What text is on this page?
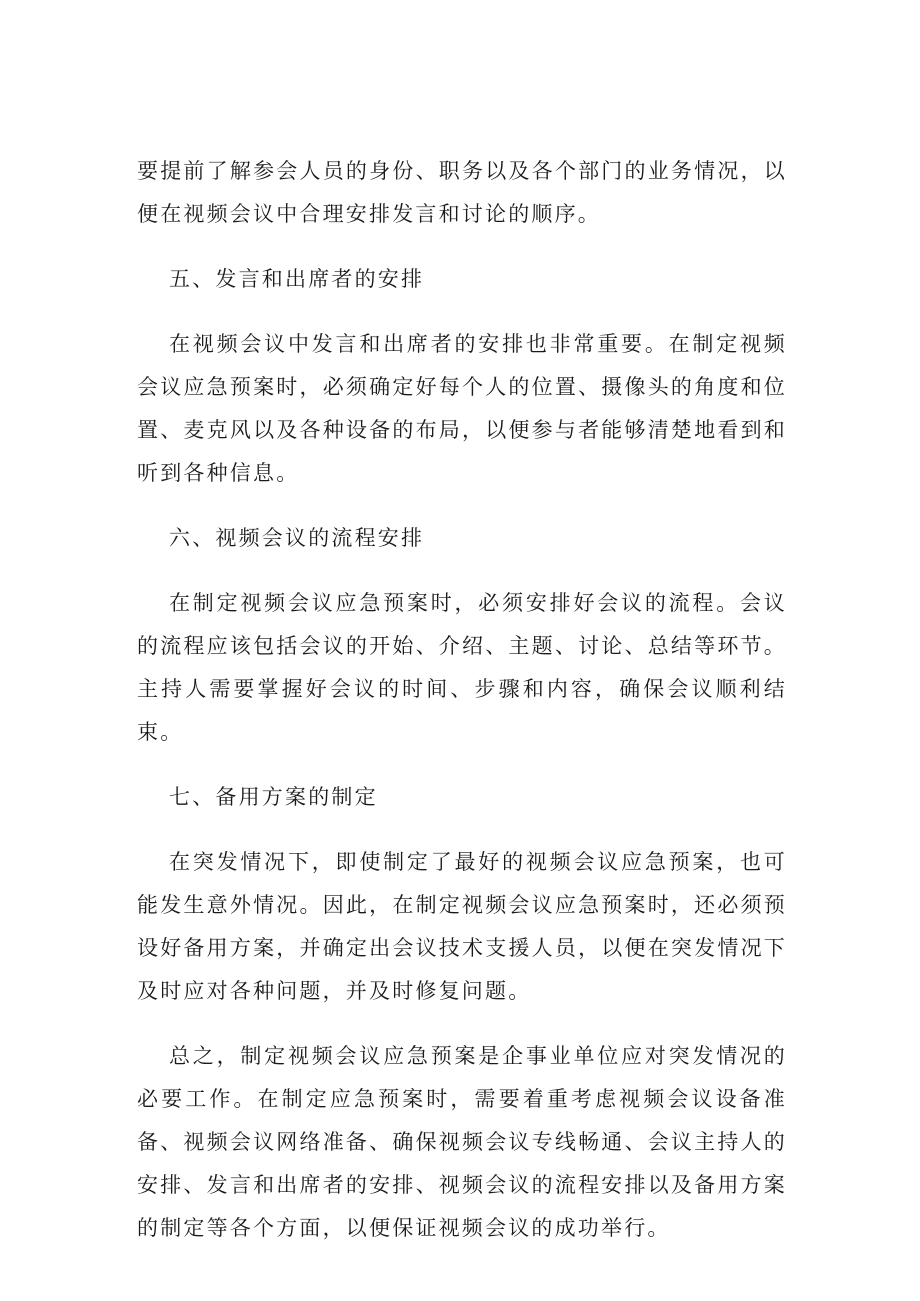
要提前了解参会人员的身份、职务以及各个部门的业务情况，以便在视频会议中合理安排发言和讨论的顺序。

五、发言和出席者的安排

在视频会议中发言和出席者的安排也非常重要。在制定视频会议应急预案时，必须确定好每个人的位置、摄像头的角度和位置、麦克风以及各种设备的布局，以便参与者能够清楚地看到和听到各种信息。

六、视频会议的流程安排

在制定视频会议应急预案时，必须安排好会议的流程。会议的流程应该包括会议的开始、介绍、主题、讨论、总结等环节。主持人需要掌握好会议的时间、步骤和内容，确保会议顺利结束。

七、备用方案的制定

在突发情况下，即使制定了最好的视频会议应急预案，也可能发生意外情况。因此，在制定视频会议应急预案时，还必须预设好备用方案，并确定出会议技术支援人员，以便在突发情况下及时应对各种问题，并及时修复问题。

总之，制定视频会议应急预案是企事业单位应对突发情况的必要工作。在制定应急预案时，需要着重考虑视频会议设备准备、视频会议网络准备、确保视频会议专线畅通、会议主持人的安排、发言和出席者的安排、视频会议的流程安排以及备用方案的制定等各个方面，以便保证视频会议的成功举行。
